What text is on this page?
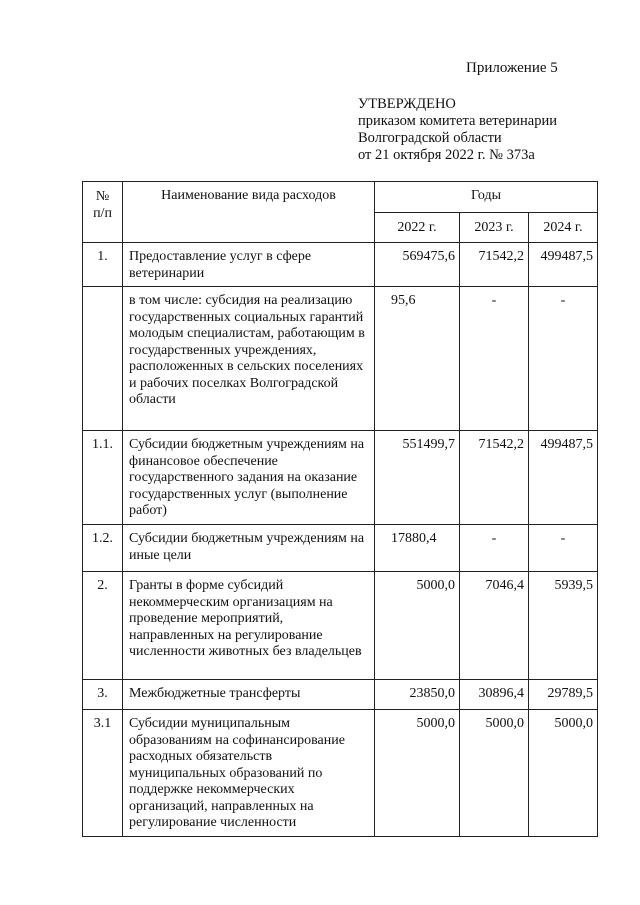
Приложение 5
УТВЕРЖДЕНО
приказом комитета ветеринарии
Волгоградской области
от 21 октября 2022 г. № 373а
№ п/п	Наименование вида расходов	Годы		
		2022 г.	2023 г.	2024 г.
1.	Предоставление услуг в сфере ветеринарии	569475,6	71542,2	499487,5
	в том числе: субсидия на реализацию государственных социальных гарантий молодым специалистам, работающим в государственных учреждениях, расположенных в сельских поселениях и рабочих поселках Волгоградской области	95,6	-	-
1.1.	Субсидии бюджетным учреждениям на финансовое обеспечение государственного задания на оказание государственных услуг (выполнение работ)	551499,7	71542,2	499487,5
1.2.	Субсидии бюджетным учреждениям на иные цели	17880,4	-	-
2.	Гранты в форме субсидий некоммерческим организациям на проведение мероприятий, направленных на регулирование численности животных без владельцев	5000,0	7046,4	5939,5
3.	Межбюджетные трансферты	23850,0	30896,4	29789,5
3.1	Субсидии муниципальным образованиям на софинансирование расходных обязательств муниципальных образований по поддержке некоммерческих организаций, направленных на регулирование численности	5000,0	5000,0	5000,0
